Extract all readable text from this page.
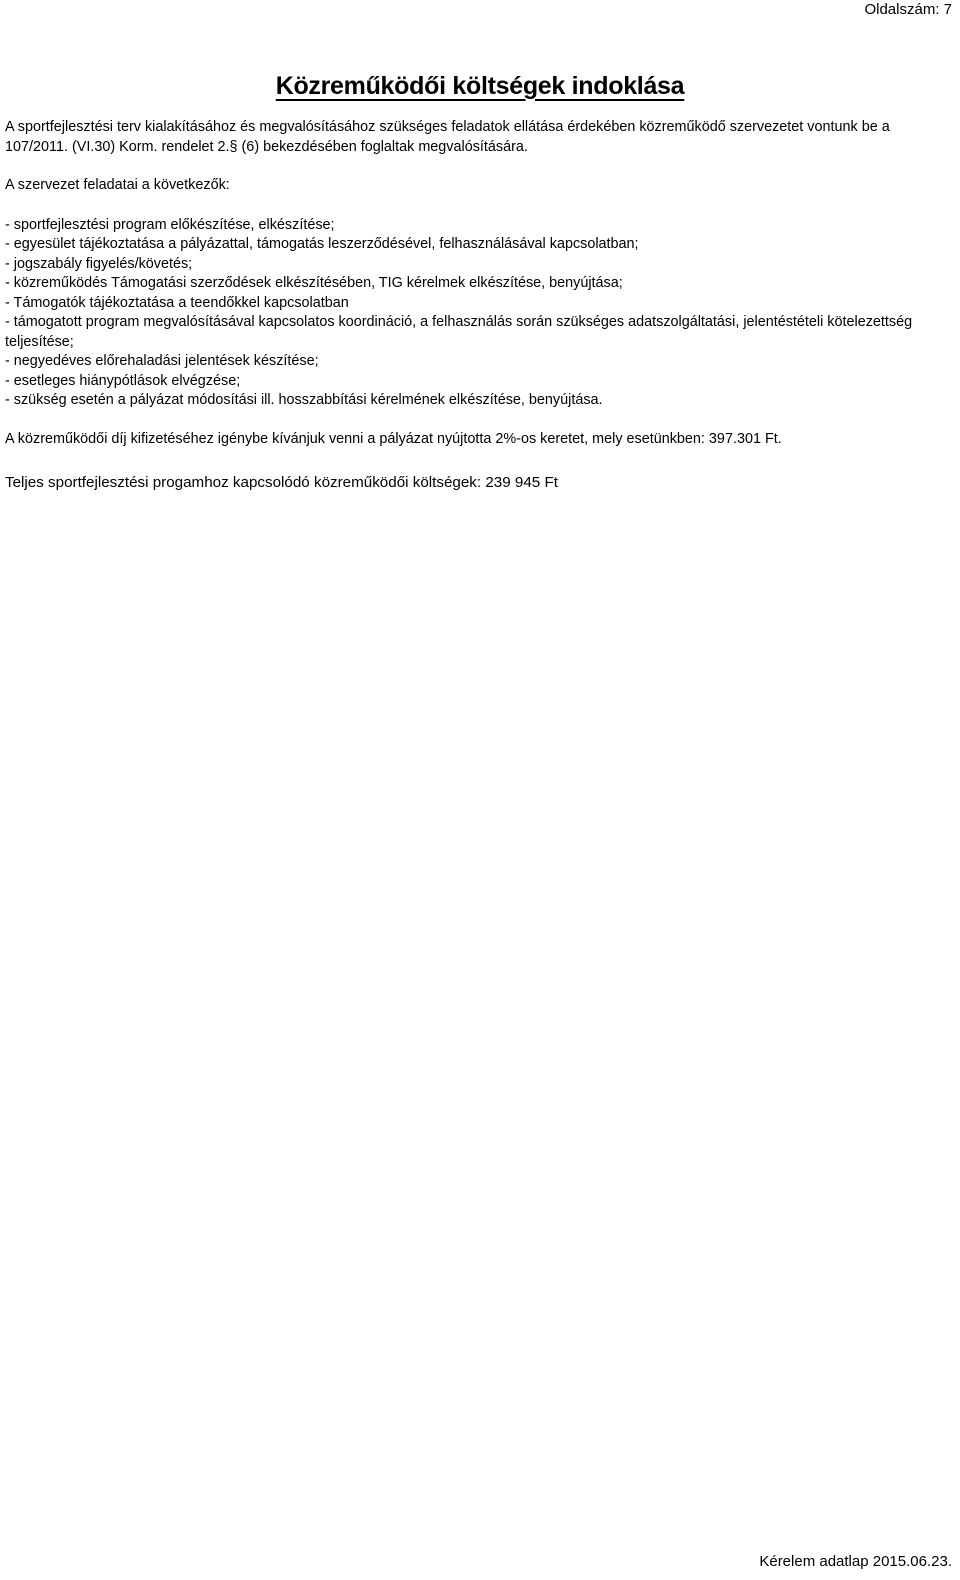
Oldalszám: 7
Közreműködői költségek indoklása

A sportfejlesztési terv kialakításához és megvalósításához szükséges feladatok ellátása érdekében közreműködő szervezetet vontunk be a 107/2011. (VI.30) Korm. rendelet 2.§ (6) bekezdésében foglaltak megvalósítására.

A szervezet feladatai a következők:

- sportfejlesztési program előkészítése, elkészítése;
- egyesület tájékoztatása a pályázattal, támogatás leszerződésével, felhasználásával kapcsolatban;
- jogszabály figyelés/követés;
- közreműködés Támogatási szerződések elkészítésében, TIG kérelmek elkészítése, benyújtása;
- Támogatók tájékoztatása a teendőkkel kapcsolatban
- támogatott program megvalósításával kapcsolatos koordináció, a felhasználás során szükséges adatszolgáltatási, jelentéstételi kötelezettség teljesítése;
- negyedéves előrehaladási jelentések készítése;
- esetleges hiánypótlások elvégzése;
- szükség esetén a pályázat módosítási ill. hosszabbítási kérelmének elkészítése, benyújtása.

A közreműködői díj kifizetéséhez igénybe kívánjuk venni a pályázat nyújtotta 2%-os keretet, mely esetünkben: 397.301 Ft.

Teljes sportfejlesztési progamhoz kapcsolódó közreműködői költségek: 239 945 Ft

Kérelem adatlap 2015.06.23.
